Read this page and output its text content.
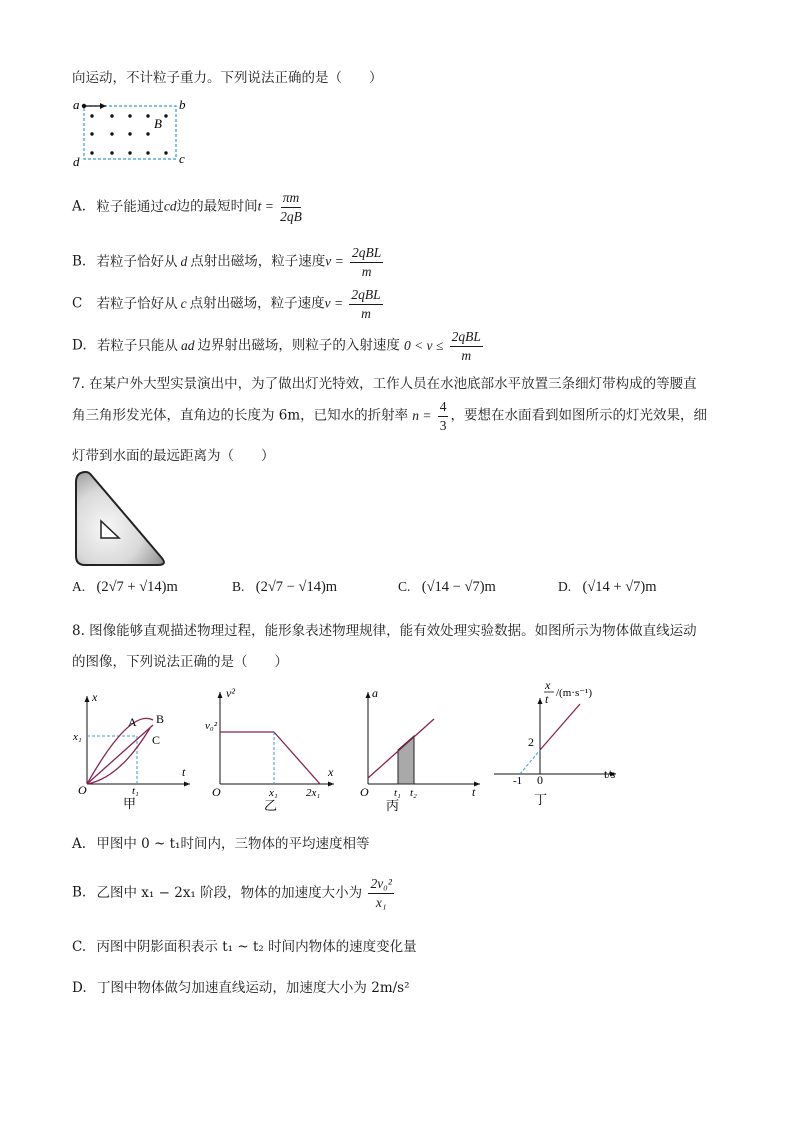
向运动，不计粒子重力。下列说法正确的是（　　）
a	b
c
d
B
A. 粒子能通过cd边的最短时间$t = \frac{\pi m}{2qB}$
B. 若粒子恰好从 d 点射出磁场，粒子速度$v = \frac{\text{2qBL}}{m}$
C 若粒子恰好从 c 点射出磁场，粒子速度$v = \frac{\text{2qBL}}{m}$
D. 若粒子只能从 ad 边界射出磁场，则粒子的入射速度 $0 < v \le \frac{\text{2qBL}}{m}$
7. 在某户外大型实景演出中，为了做出灯光特效，工作人员在水池底部水平放置三条细灯带构成的等腰直
角三角形发光体，直角边的长度为 6m，已知水的折射率 $n = \frac{4}{3}$ ，要想在水面看到如图所示的灯光效果，细
灯带到水面的最远距离为（　　）
A. (2√7 + √14)m	B. (2√7 − √14)m	C. (√14 − √7)m	D. (√14 + √7)m
8. 图像能够直观描述物理过程，能形象表述物理规律，能有效处理实验数据。如图所示为物体做直线运动
的图像，下列说法正确的是（　　）
x
t
O
x₁
t₁
A B
C
甲
v²
x
O
v₀²
x₁	2x₁
乙
a
t
O t₁ t₂
丙
x
t /(m·s⁻¹)
2
-1 0	t/s
丁
A. 甲图中 0 ~ t₁时间内，三物体的平均速度相等
B. 乙图中 x₁ − 2x₁ 阶段，物体的加速度大小为 $\frac{\text{2v₀²}}{\text{x₁}}$
C. 丙图中阴影面积表示 t₁ ~ t₂ 时间内物体的速度变化量
D. 丁图中物体做匀加速直线运动，加速度大小为 2m/s²
